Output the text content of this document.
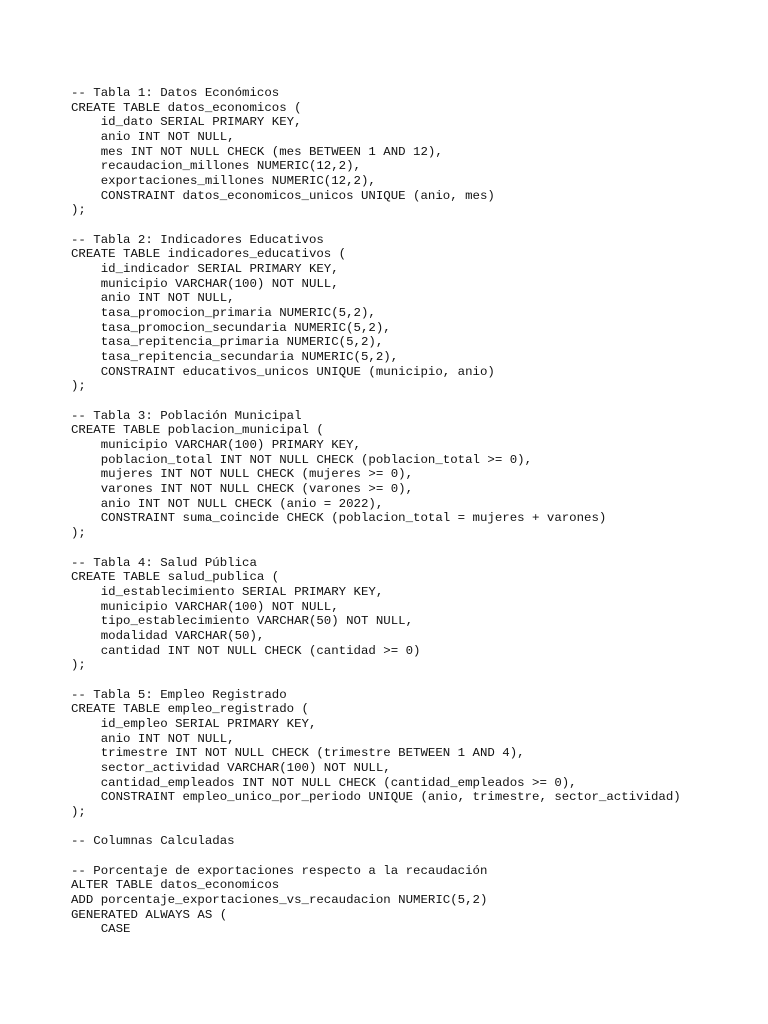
-- Tabla 1: Datos Económicos
CREATE TABLE datos_economicos (
id_dato SERIAL PRIMARY KEY,
anio INT NOT NULL,
mes INT NOT NULL CHECK (mes BETWEEN 1 AND 12),
recaudacion_millones NUMERIC(12,2),
exportaciones_millones NUMERIC(12,2),
CONSTRAINT datos_economicos_unicos UNIQUE (anio, mes)
);

-- Tabla 2: Indicadores Educativos
CREATE TABLE indicadores_educativos (
id_indicador SERIAL PRIMARY KEY,
municipio VARCHAR(100) NOT NULL,
anio INT NOT NULL,
tasa_promocion_primaria NUMERIC(5,2),
tasa_promocion_secundaria NUMERIC(5,2),
tasa_repitencia_primaria NUMERIC(5,2),
tasa_repitencia_secundaria NUMERIC(5,2),
CONSTRAINT educativos_unicos UNIQUE (municipio, anio)
);

-- Tabla 3: Población Municipal
CREATE TABLE poblacion_municipal (
municipio VARCHAR(100) PRIMARY KEY,
poblacion_total INT NOT NULL CHECK (poblacion_total >= 0),
mujeres INT NOT NULL CHECK (mujeres >= 0),
varones INT NOT NULL CHECK (varones >= 0),
anio INT NOT NULL CHECK (anio = 2022),
CONSTRAINT suma_coincide CHECK (poblacion_total = mujeres + varones)
);

-- Tabla 4: Salud Pública
CREATE TABLE salud_publica (
id_establecimiento SERIAL PRIMARY KEY,
municipio VARCHAR(100) NOT NULL,
tipo_establecimiento VARCHAR(50) NOT NULL,
modalidad VARCHAR(50),
cantidad INT NOT NULL CHECK (cantidad >= 0)
);

-- Tabla 5: Empleo Registrado
CREATE TABLE empleo_registrado (
id_empleo SERIAL PRIMARY KEY,
anio INT NOT NULL,
trimestre INT NOT NULL CHECK (trimestre BETWEEN 1 AND 4),
sector_actividad VARCHAR(100) NOT NULL,
cantidad_empleados INT NOT NULL CHECK (cantidad_empleados >= 0),
CONSTRAINT empleo_unico_por_periodo UNIQUE (anio, trimestre, sector_actividad)
);

-- Columnas Calculadas

-- Porcentaje de exportaciones respecto a la recaudación
ALTER TABLE datos_economicos
ADD porcentaje_exportaciones_vs_recaudacion NUMERIC(5,2)
GENERATED ALWAYS AS (
CASE
